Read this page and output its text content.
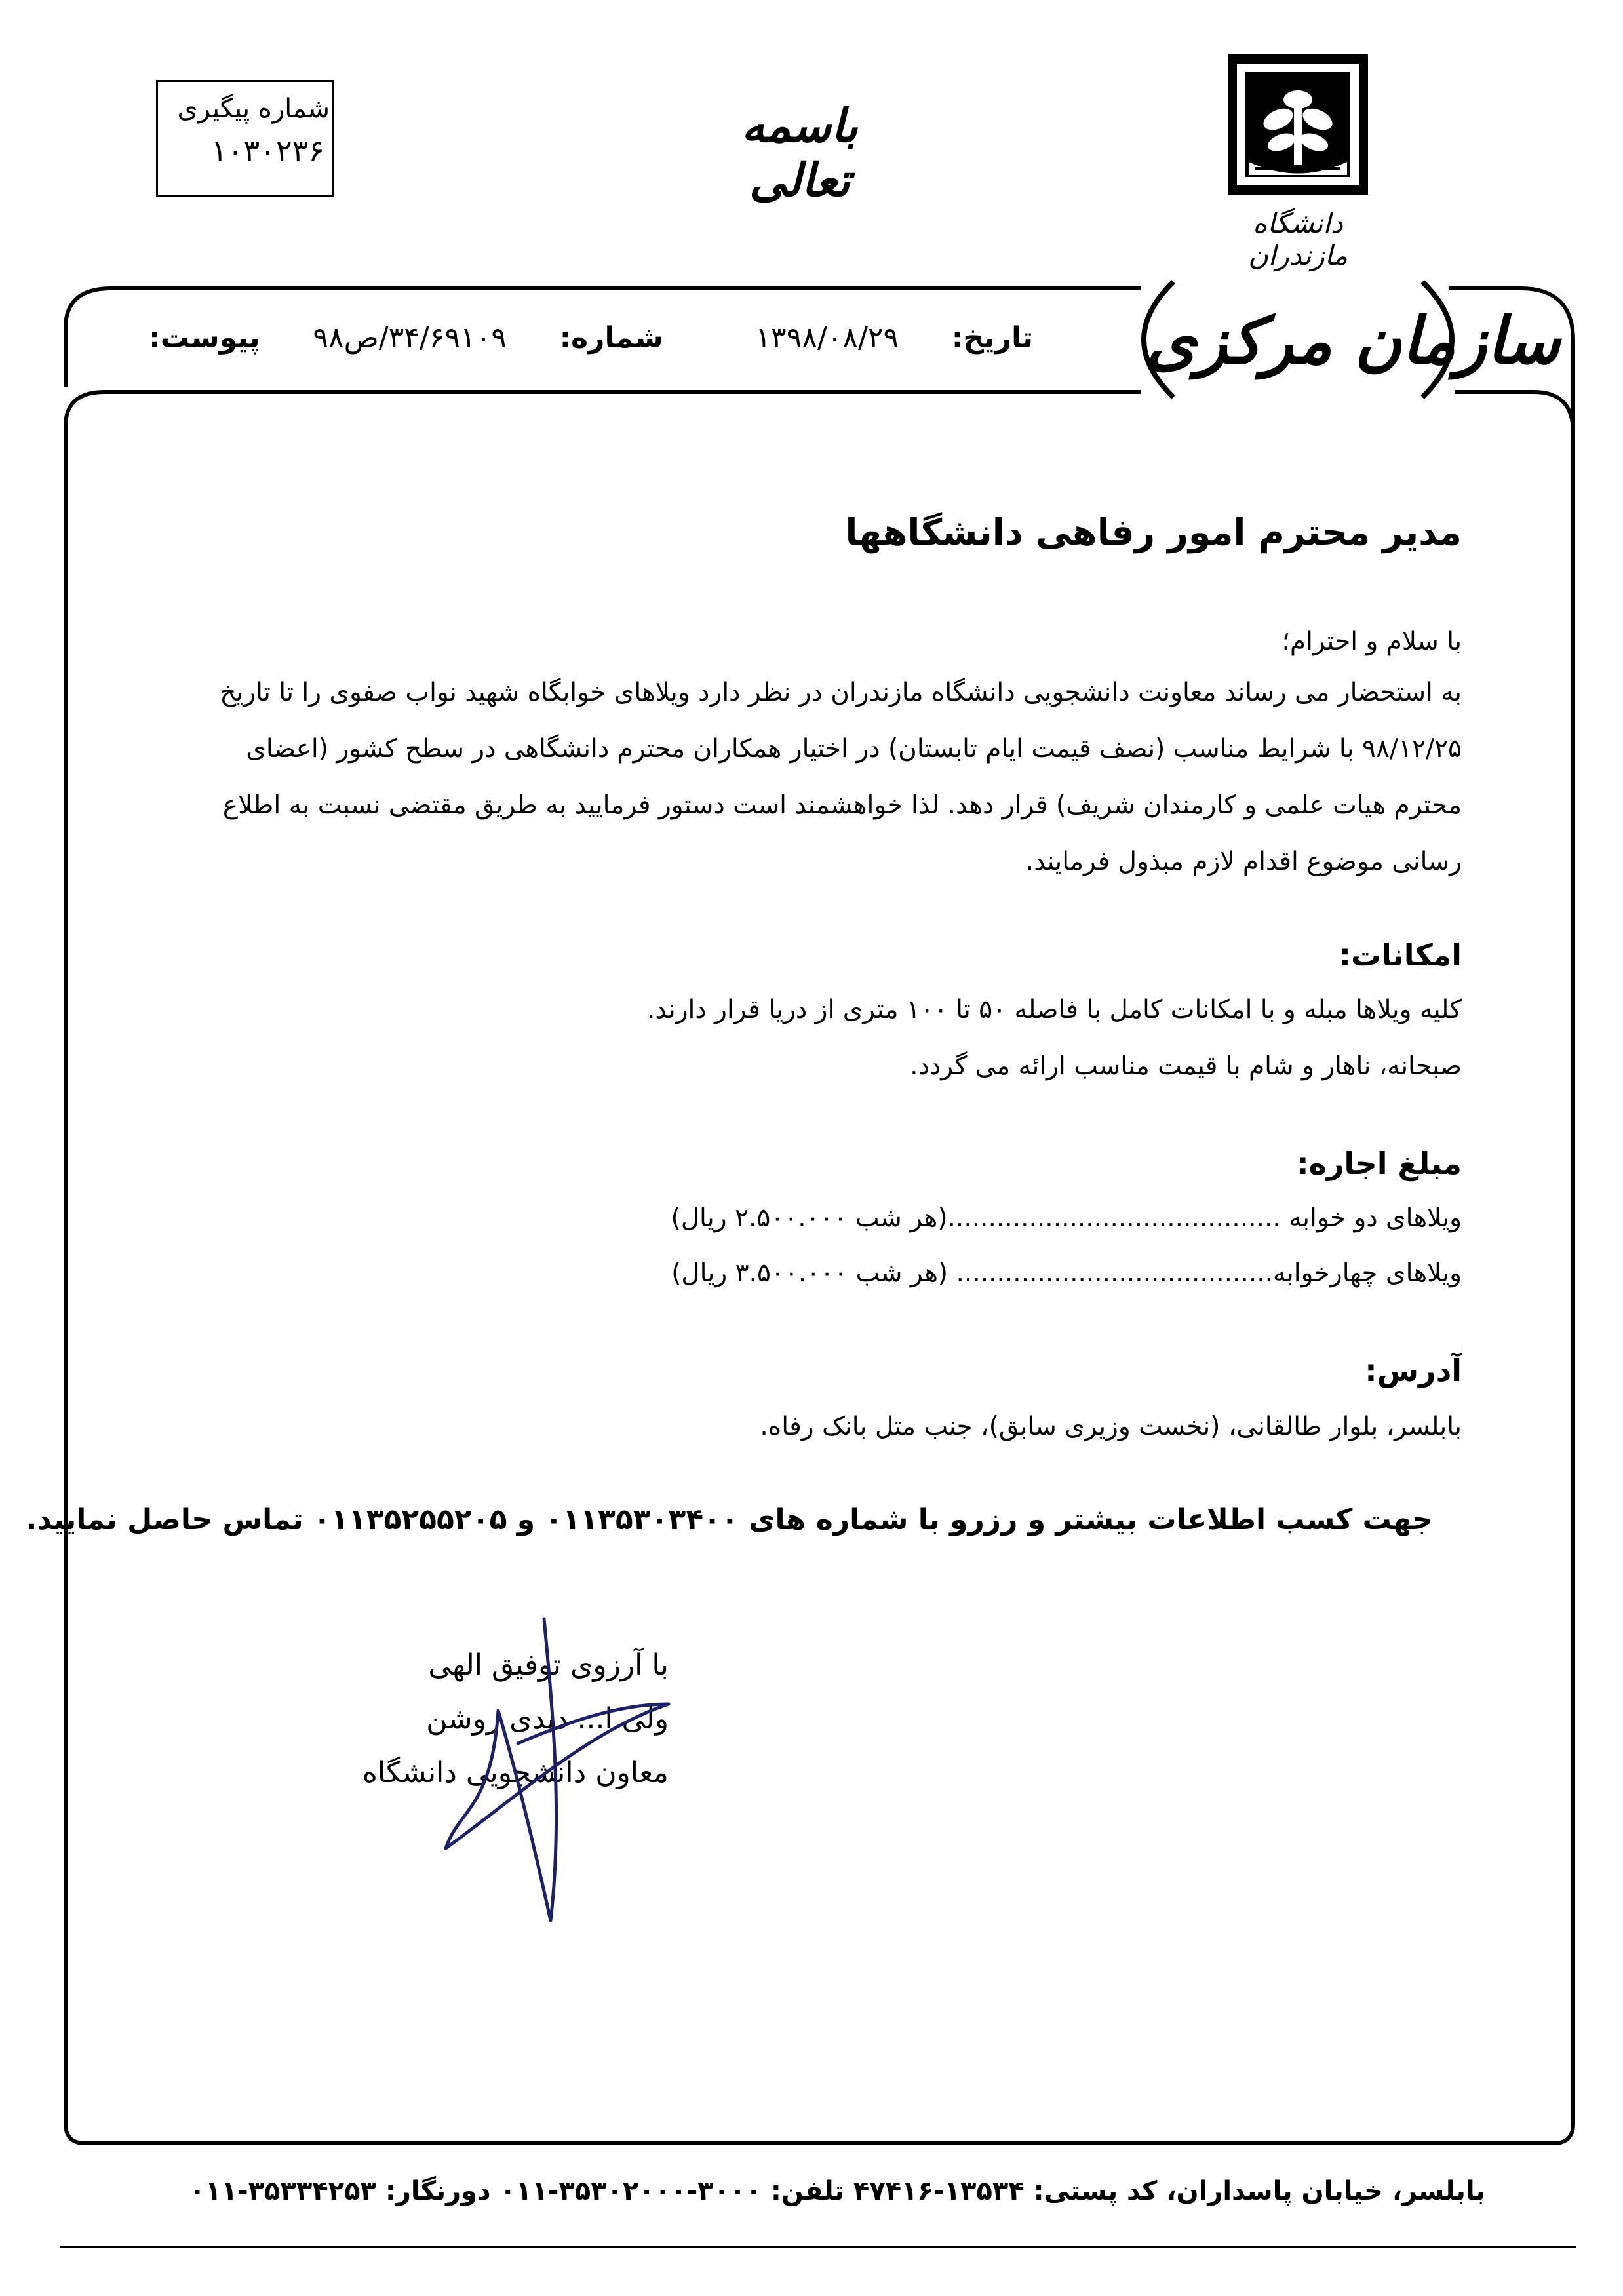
شماره پیگیری
۱۰۳۰۲۳۶	باسمه تعالی
دانشگاه مازندران
سازمان مرکزی
تاریخ:  ۱۳۹۸/۰۸/۲۹  شماره:  ۳۴/۶۹۱۰۹/ص۹۸  پیوست:
مدیر محترم امور رفاهی دانشگاهها
با سلام و احترام؛
به استحضار می رساند معاونت دانشجویی دانشگاه مازندران در نظر دارد ویلاهای خوابگاه شهید نواب صفوی را تا تاریخ
۹۸/۱۲/۲۵ با شرایط مناسب (نصف قیمت ایام تابستان) در اختیار همکاران محترم دانشگاهی در سطح کشور (اعضای
محترم هیات علمی و کارمندان شریف) قرار دهد. لذا خواهشمند است دستور فرمایید به طریق مقتضی نسبت به اطلاع
رسانی موضوع اقدام لازم مبذول فرمایند.
امکانات:
کلیه ویلاها مبله و با امکانات کامل با فاصله ۵۰ تا ۱۰۰ متری از دریا قرار دارند.
صبحانه، ناهار و شام با قیمت مناسب ارائه می گردد.
مبلغ اجاره:
ویلاهای دو خوابه .........................................(هر شب ۲.۵۰۰.۰۰۰ ریال)
ویلاهای چهارخوابه....................................... (هر شب ۳.۵۰۰.۰۰۰ ریال)
آدرس:
بابلسر، بلوار طالقانی، (نخست وزیری سابق)، جنب متل بانک رفاه.
جهت کسب اطلاعات بیشتر و رزرو با شماره های ۰۱۱۳۵۳۰۳۴۰۰ و ۰۱۱۳۵۲۵۵۲۰۵ تماس حاصل نمایید.
با آرزوی توفیق الهی
ولی ا... دیدی روشن
معاون دانشجویی دانشگاه
بابلسر، خیابان پاسداران، کد پستی: ۱۳۵۳۴-۴۷۴۱۶ تلفن: ۳۰۰۰-۳۵۳۰۲۰۰۰-۰۱۱ دورنگار: ۳۵۳۳۴۲۵۳-۰۱۱
